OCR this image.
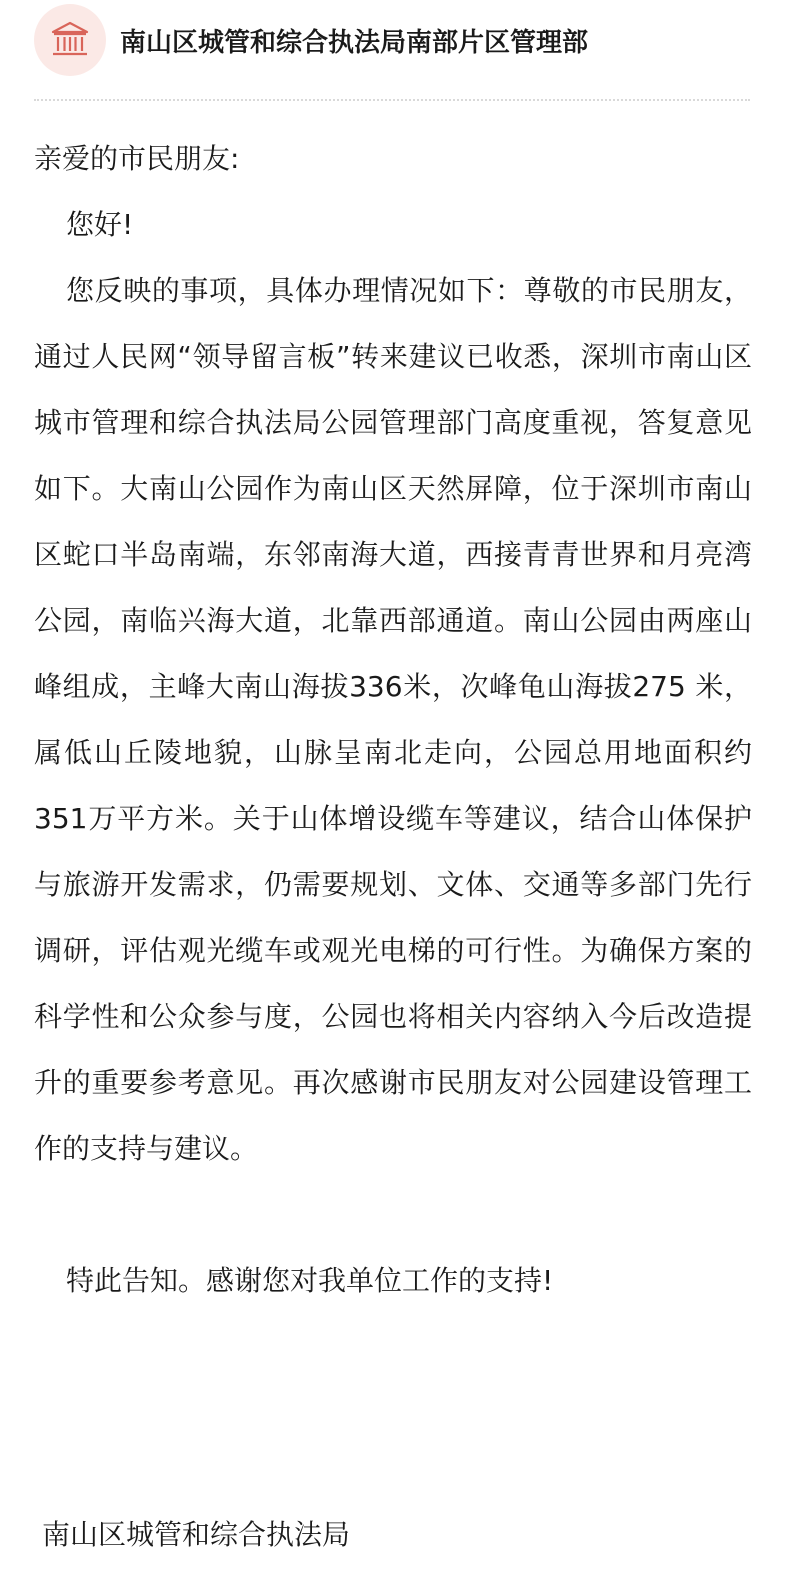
南山区城管和综合执法局南部片区管理部

亲爱的市民朋友:

您好!

您反映的事项，具体办理情况如下：尊敬的市民朋友，通过人民网“领导留言板”转来建议已收悉，深圳市南山区城市管理和综合执法局公园管理部门高度重视，答复意见如下。大南山公园作为南山区天然屏障，位于深圳市南山区蛇口半岛南端，东邻南海大道，西接青青世界和月亮湾公园，南临兴海大道，北靠西部通道。南山公园由两座山峰组成，主峰大南山海拔336米，次峰龟山海拔275 米，属低山丘陵地貌，山脉呈南北走向，公园总用地面积约351万平方米。关于山体增设缆车等建议，结合山体保护与旅游开发需求，仍需要规划、文体、交通等多部门先行调研，评估观光缆车或观光电梯的可行性。为确保方案的科学性和公众参与度，公园也将相关内容纳入今后改造提升的重要参考意见。再次感谢市民朋友对公园建设管理工作的支持与建议。

特此告知。感谢您对我单位工作的支持!

南山区城管和综合执法局
